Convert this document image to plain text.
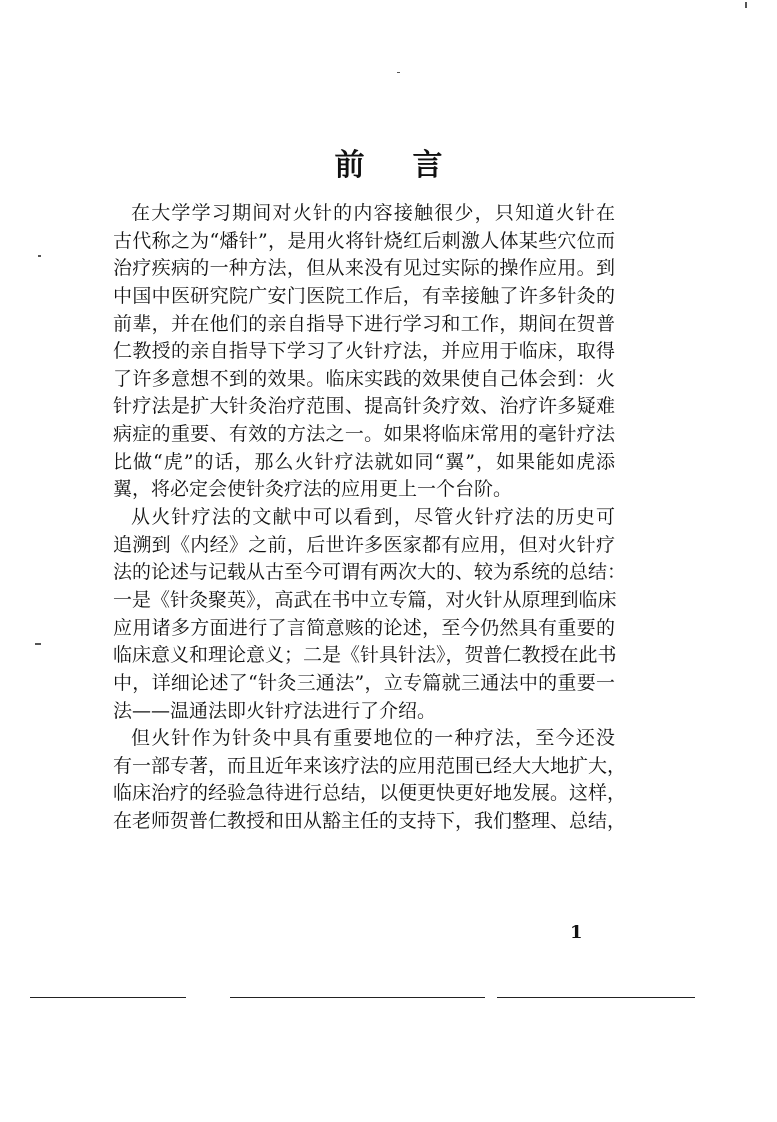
前言
在大学学习期间对火针的内容接触很少，只知道火针在
古代称之为“燔针”，是用火将针烧红后刺激人体某些穴位而
治疗疾病的一种方法，但从来没有见过实际的操作应用。到
中国中医研究院广安门医院工作后，有幸接触了许多针灸的
前辈，并在他们的亲自指导下进行学习和工作，期间在贺普
仁教授的亲自指导下学习了火针疗法，并应用于临床，取得
了许多意想不到的效果。临床实践的效果使自己体会到：火
针疗法是扩大针灸治疗范围、提高针灸疗效、治疗许多疑难
病症的重要、有效的方法之一。如果将临床常用的毫针疗法
比做“虎”的话，那么火针疗法就如同“翼”，如果能如虎添
翼，将必定会使针灸疗法的应用更上一个台阶。
从火针疗法的文献中可以看到，尽管火针疗法的历史可
追溯到《内经》之前，后世许多医家都有应用，但对火针疗
法的论述与记载从古至今可谓有两次大的、较为系统的总结：
一是《针灸聚英》，高武在书中立专篇，对火针从原理到临床
应用诸多方面进行了言简意赅的论述，至今仍然具有重要的
临床意义和理论意义；二是《针具针法》，贺普仁教授在此书
中，详细论述了“针灸三通法”，立专篇就三通法中的重要一
法——温通法即火针疗法进行了介绍。
但火针作为针灸中具有重要地位的一种疗法，至今还没
有一部专著，而且近年来该疗法的应用范围已经大大地扩大，
临床治疗的经验急待进行总结，以便更快更好地发展。这样，
在老师贺普仁教授和田从豁主任的支持下，我们整理、总结，
1
